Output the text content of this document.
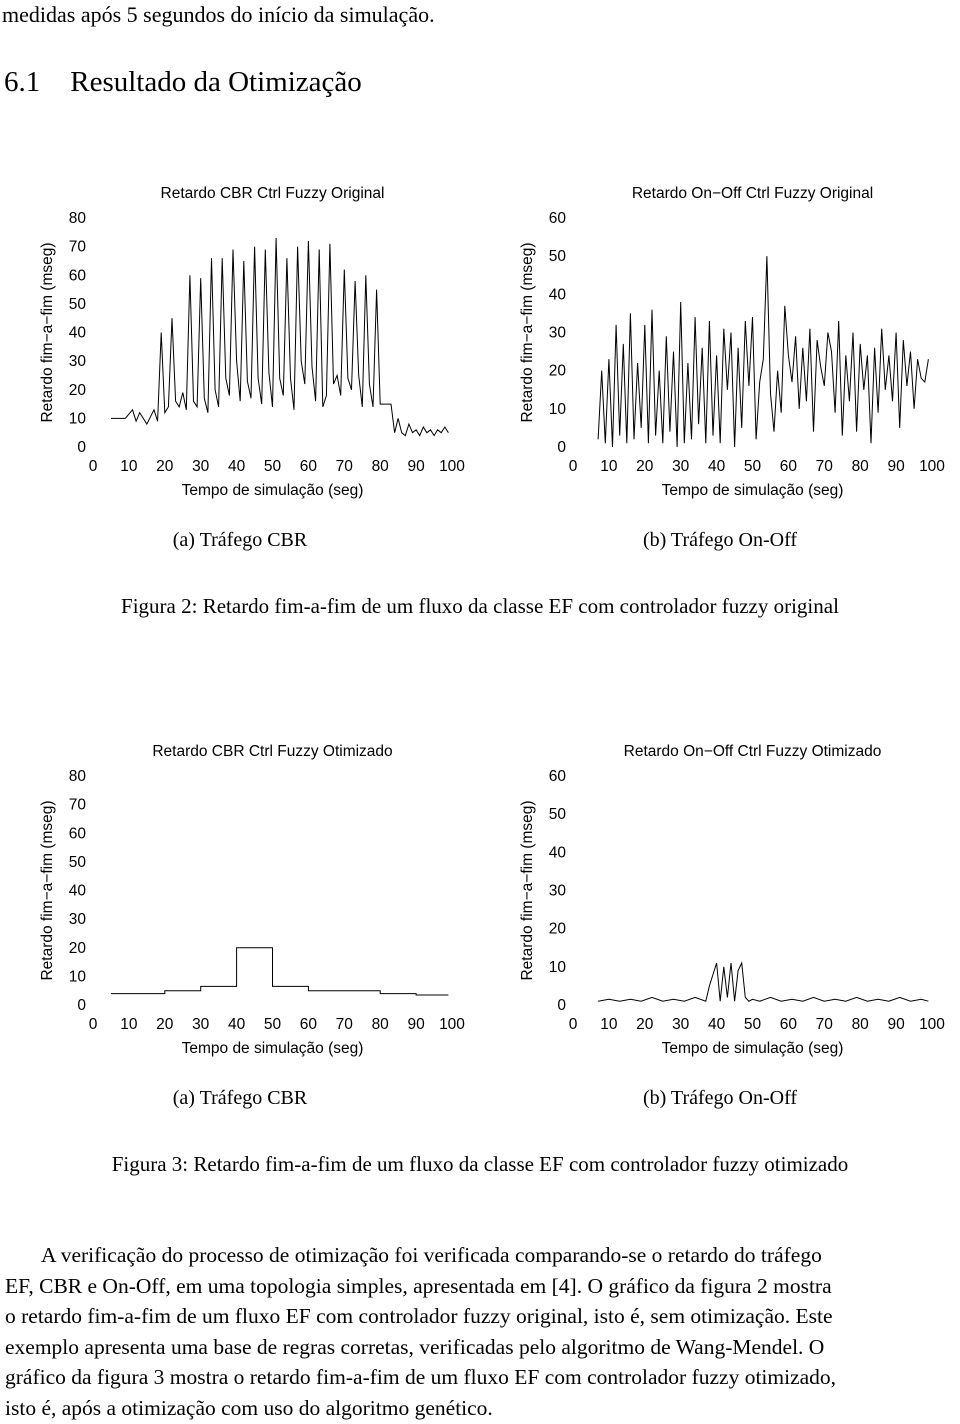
medidas após 5 segundos do início da simulação.
6.1 Resultado da Otimização
Retardo CBR Ctrl Fuzzy Original
Retardo fim−a−fim (mseg)
Tempo de simulação (seg)
0 10 20 30 40 50 60 70 80 90 100
0
10
20
30
40
50
60
70
80
Retardo On−Off Ctrl Fuzzy Original
Retardo fim−a−fim (mseg)
Tempo de simulação (seg)
0 10 20 30 40 50 60 70 80 90 100
0
10
20
30
40
50
60
(a) Tráfego CBR	(b) Tráfego On-Off
Figura 2: Retardo fim-a-fim de um fluxo da classe EF com controlador fuzzy original
Retardo CBR Ctrl Fuzzy Otimizado
Retardo fim−a−fim (mseg)
Tempo de simulação (seg)
0 10 20 30 40 50 60 70 80 90 100
0
10
20
30
40
50
60
70
80
Retardo On−Off Ctrl Fuzzy Otimizado
Retardo fim−a−fim (mseg)
Tempo de simulação (seg)
0 10 20 30 40 50 60 70 80 90 100
0
10
20
30
40
50
60
(a) Tráfego CBR	(b) Tráfego On-Off
Figura 3: Retardo fim-a-fim de um fluxo da classe EF com controlador fuzzy otimizado
A verificação do processo de otimização foi verificada comparando-se o retardo do tráfego
EF, CBR e On-Off, em uma topologia simples, apresentada em [4]. O gráfico da figura 2 mostra
o retardo fim-a-fim de um fluxo EF com controlador fuzzy original, isto é, sem otimização. Este
exemplo apresenta uma base de regras corretas, verificadas pelo algoritmo de Wang-Mendel. O
gráfico da figura 3 mostra o retardo fim-a-fim de um fluxo EF com controlador fuzzy otimizado,
isto é, após a otimização com uso do algoritmo genético.
